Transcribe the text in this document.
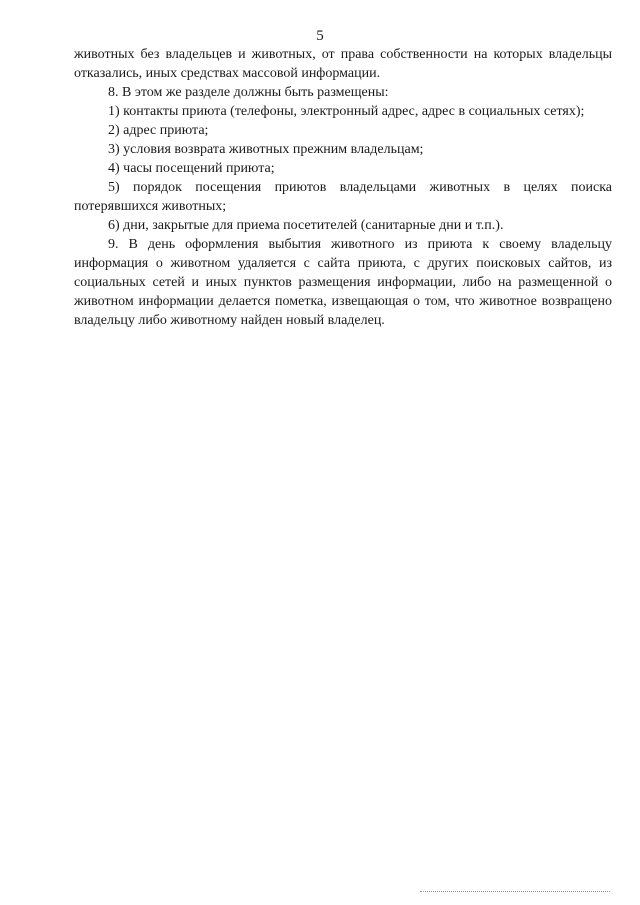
5

животных без владельцев и животных, от права собственности на которых владельцы отказались, иных средствах массовой информации.

8. В этом же разделе должны быть размещены:

1) контакты приюта (телефоны, электронный адрес, адрес в социальных сетях);

2) адрес приюта;

3) условия возврата животных прежним владельцам;

4) часы посещений приюта;

5) порядок посещения приютов владельцами животных в целях поиска потерявшихся животных;

6) дни, закрытые для приема посетителей (санитарные дни и т.п.).

9. В день оформления выбытия животного из приюта к своему владельцу информация о животном удаляется с сайта приюта, с других поисковых сайтов, из социальных сетей и иных пунктов размещения информации, либо на размещенной о животном информации делается пометка, извещающая о том, что животное возвращено владельцу либо животному найден новый владелец.
